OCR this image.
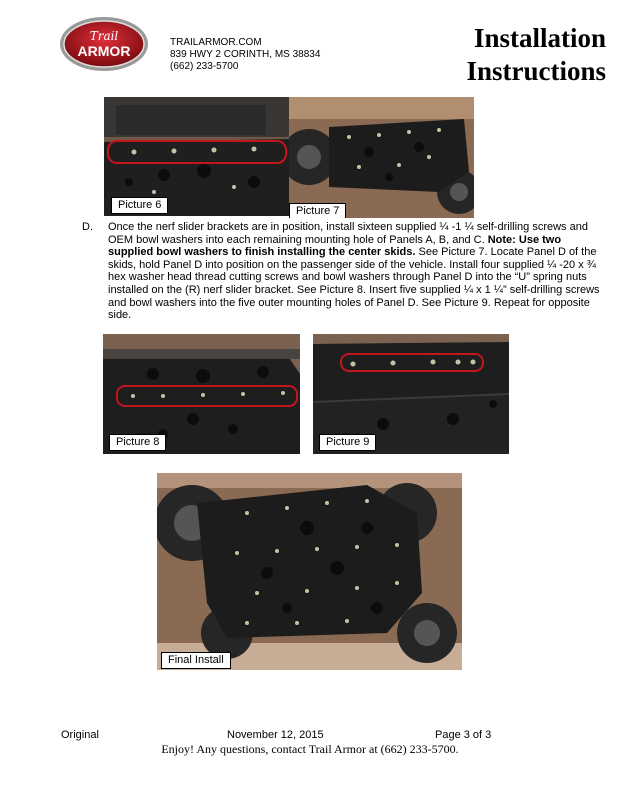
Trail
ARMOR
TRAILARMOR.COM
839 HWY 2 CORINTH, MS 38834
(662) 233-5700
Installation
Instructions
Picture 6	Picture 7
D. Once the nerf slider brackets are in position, install sixteen supplied ¼ -1 ¼ self-drilling screws and OEM bowl washers into each remaining mounting hole of Panels A, B, and C. Note: Use two supplied bowl washers to finish installing the center skids. See Picture 7. Locate Panel D of the skids, hold Panel D into position on the passenger side of the vehicle. Install four supplied ¼ -20 x ¾ hex washer head thread cutting screws and bowl washers through Panel D into the “U” spring nuts installed on the (R) nerf slider bracket. See Picture 8. Insert five supplied ¼ x 1 ¼” self-drilling screws and bowl washers into the five outer mounting holes of Panel D. See Picture 9. Repeat for opposite side.
Picture 8	Picture 9
Final Install
Original	November 12, 2015	Page 3 of 3
Enjoy! Any questions, contact Trail Armor at (662) 233-5700.
